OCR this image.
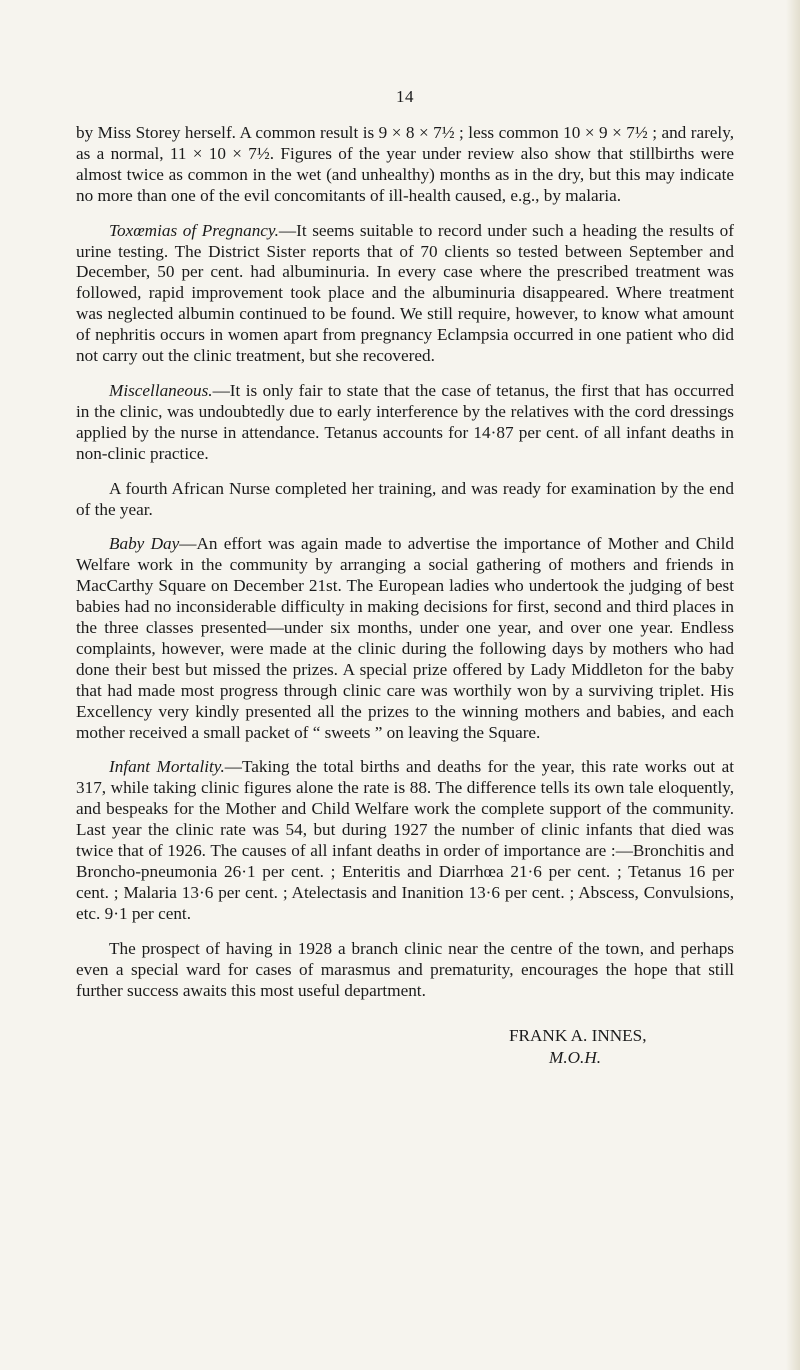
14

by Miss Storey herself. A common result is 9 × 8 × 7½ ; less common 10 × 9 × 7½ ; and rarely, as a normal, 11 × 10 × 7½. Figures of the year under review also show that stillbirths were almost twice as common in the wet (and unhealthy) months as in the dry, but this may indicate no more than one of the evil concomitants of ill-health caused, e.g., by malaria.

Toxœmias of Pregnancy.—It seems suitable to record under such a heading the results of urine testing. The District Sister reports that of 70 clients so tested between September and December, 50 per cent. had albuminuria. In every case where the prescribed treatment was followed, rapid improvement took place and the albuminuria disappeared. Where treatment was neglected albumin continued to be found. We still require, however, to know what amount of nephritis occurs in women apart from pregnancy Eclampsia occurred in one patient who did not carry out the clinic treatment, but she recovered.

Miscellaneous.—It is only fair to state that the case of tetanus, the first that has occurred in the clinic, was undoubtedly due to early interference by the relatives with the cord dressings applied by the nurse in attendance. Tetanus accounts for 14·87 per cent. of all infant deaths in non-clinic practice.

A fourth African Nurse completed her training, and was ready for examination by the end of the year.

Baby Day—An effort was again made to advertise the importance of Mother and Child Welfare work in the community by arranging a social gathering of mothers and friends in MacCarthy Square on December 21st. The European ladies who undertook the judging of best babies had no inconsiderable difficulty in making decisions for first, second and third places in the three classes presented—under six months, under one year, and over one year. Endless complaints, however, were made at the clinic during the following days by mothers who had done their best but missed the prizes. A special prize offered by Lady Middleton for the baby that had made most progress through clinic care was worthily won by a surviving triplet. His Excellency very kindly presented all the prizes to the winning mothers and babies, and each mother received a small packet of “ sweets ” on leaving the Square.

Infant Mortality.—Taking the total births and deaths for the year, this rate works out at 317, while taking clinic figures alone the rate is 88. The difference tells its own tale eloquently, and bespeaks for the Mother and Child Welfare work the complete support of the community. Last year the clinic rate was 54, but during 1927 the number of clinic infants that died was twice that of 1926. The causes of all infant deaths in order of importance are :—Bronchitis and Broncho-pneumonia 26·1 per cent. ; Enteritis and Diarrhœa 21·6 per cent. ; Tetanus 16 per cent. ; Malaria 13·6 per cent. ; Atelectasis and Inanition 13·6 per cent. ; Abscess, Convulsions, etc. 9·1 per cent.

The prospect of having in 1928 a branch clinic near the centre of the town, and perhaps even a special ward for cases of marasmus and prematurity, encourages the hope that still further success awaits this most useful department.

FRANK A. INNES,
M.O.H.
